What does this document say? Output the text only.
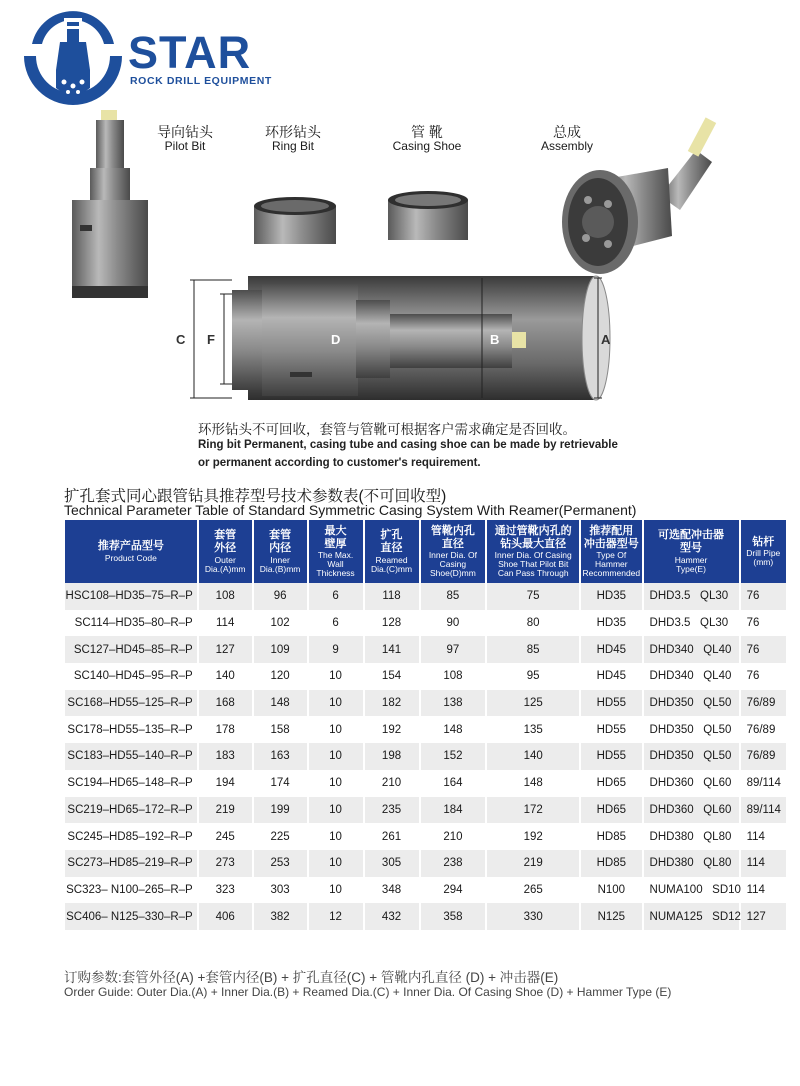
STAR
ROCK DRILL EQUIPMENT
导向钻头
Pilot Bit
环形钻头
Ring Bit
管 靴
Casing Shoe
总成
Assembly
C F	D	B	A
环形钻头不可回收，套管与管靴可根据客户需求确定是否回收。
Ring bit Permanent, casing tube and casing shoe can be made by retrievable or permanent according to customer's requirement.
扩孔套式同心跟管钻具推荐型号技术参数表(不可回收型)
Technical Parameter Table of Standard Symmetric Casing System With Reamer(Permanent)
推荐产品型号
Product Code	套管
外径
Outer
Dia.(A)mm	套管
内径
Inner
Dia.(B)mm	最大
壁厚
The Max.
Wall
Thickness	扩孔
直径
Reamed
Dia.(C)mm	管靴内孔
直径
Inner Dia. Of
Casing
Shoe(D)mm	通过管靴内孔的
钻头最大直径
Inner Dia. Of Casing
Shoe That Pilot Bit
Can Pass Through	推荐配用
冲击器型号
Type Of
Hammer
Recommended	可选配冲击器
型号
Hammer
Type(E)	钻杆
Drill Pipe
(mm)

HSC108–HD35–75–R–P	108	96	6	118	85	75	HD35	DHD3.5   QL30	76
SC114–HD35–80–R–P	114	102	6	128	90	80	HD35	DHD3.5   QL30	76
SC127–HD45–85–R–P	127	109	9	141	97	85	HD45	DHD340   QL40	76
SC140–HD45–95–R–P	140	120	10	154	108	95	HD45	DHD340   QL40	76
SC168–HD55–125–R–P	168	148	10	182	138	125	HD55	DHD350   QL50	76/89
SC178–HD55–135–R–P	178	158	10	192	148	135	HD55	DHD350   QL50	76/89
SC183–HD55–140–R–P	183	163	10	198	152	140	HD55	DHD350   QL50	76/89
SC194–HD65–148–R–P	194	174	10	210	164	148	HD65	DHD360   QL60	89/114
SC219–HD65–172–R–P	219	199	10	235	184	172	HD65	DHD360   QL60	89/114
SC245–HD85–192–R–P	245	225	10	261	210	192	HD85	DHD380   QL80	114
SC273–HD85–219–R–P	273	253	10	305	238	219	HD85	DHD380   QL80	114
SC323– N100–265–R–P	323	303	10	348	294	265	N100	NUMA100   SD10	114
SC406– N125–330–R–P	406	382	12	432	358	330	N125	NUMA125   SD12	127
订购参数:套管外径(A) +套管内径(B) + 扩孔直径(C) + 管靴内孔直径 (D) + 冲击器(E)
Order Guide: Outer Dia.(A) + Inner Dia.(B) + Reamed Dia.(C) + Inner Dia. Of Casing Shoe (D) + Hammer Type (E)
